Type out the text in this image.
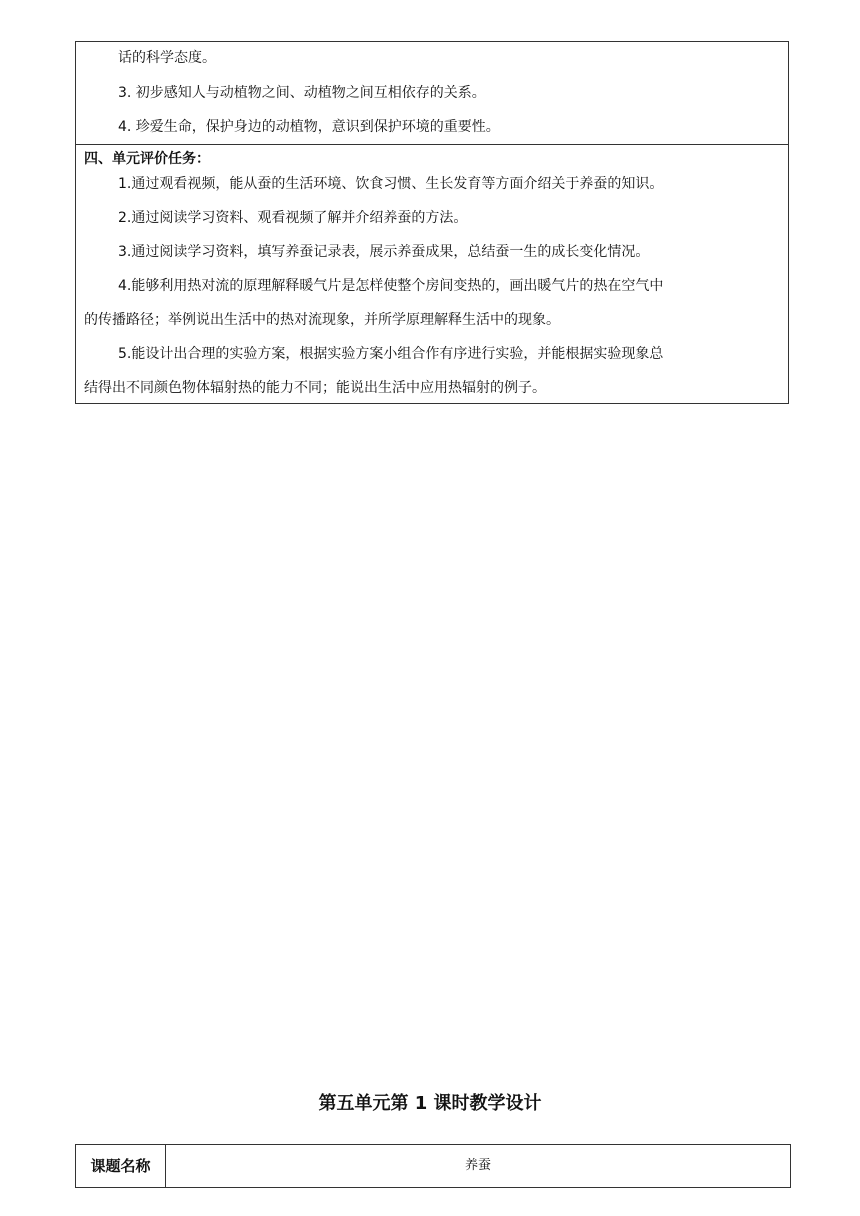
话的科学态度。
3. 初步感知人与动植物之间、动植物之间互相依存的关系。
4. 珍爱生命，保护身边的动植物，意识到保护环境的重要性。
四、单元评价任务：
1.通过观看视频，能从蚕的生活环境、饮食习惯、生长发育等方面介绍关于养蚕的知识。
2.通过阅读学习资料、观看视频了解并介绍养蚕的方法。
3.通过阅读学习资料，填写养蚕记录表，展示养蚕成果，总结蚕一生的成长变化情况。
4.能够利用热对流的原理解释暖气片是怎样使整个房间变热的，画出暖气片的热在空气中
的传播路径；举例说出生活中的热对流现象，并所学原理解释生活中的现象。
5.能设计出合理的实验方案，根据实验方案小组合作有序进行实验，并能根据实验现象总
结得出不同颜色物体辐射热的能力不同；能说出生活中应用热辐射的例子。
第五单元第 1 课时教学设计
课题名称	养蚕
